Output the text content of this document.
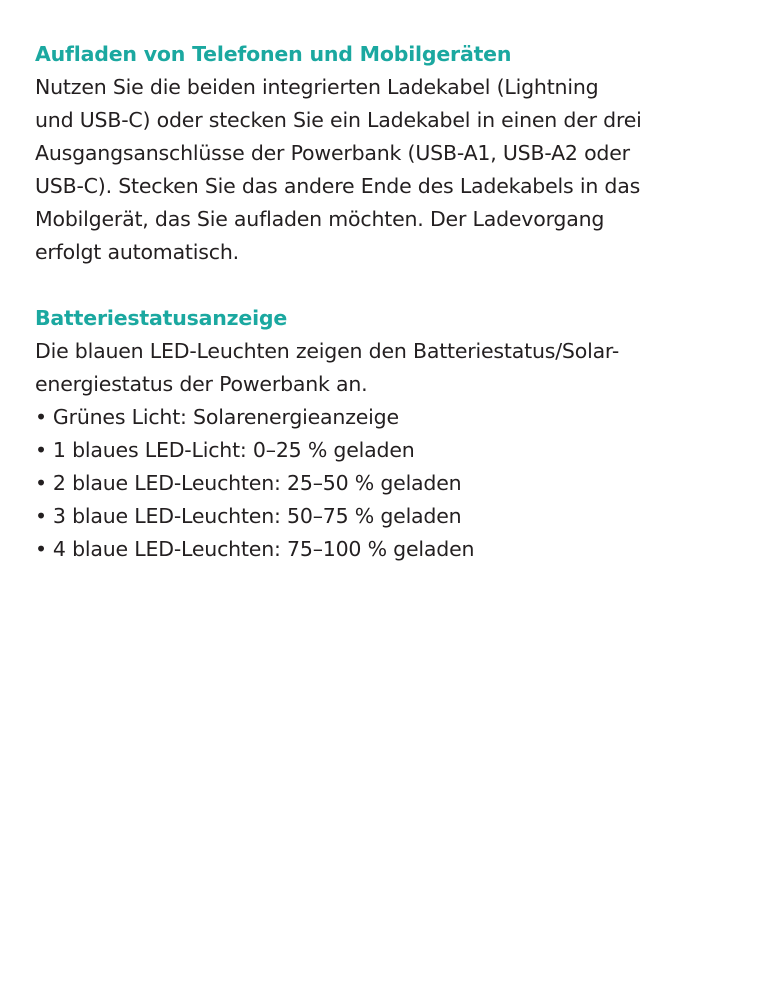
Aufladen von Telefonen und Mobilgeräten
Nutzen Sie die beiden integrierten Ladekabel (Lightning
und USB-C) oder stecken Sie ein Ladekabel in einen der drei
Ausgangsanschlüsse der Powerbank (USB-A1, USB-A2 oder
USB-C). Stecken Sie das andere Ende des Ladekabels in das
Mobilgerät, das Sie aufladen möchten. Der Ladevorgang
erfolgt automatisch.
Batteriestatusanzeige
Die blauen LED-Leuchten zeigen den Batteriestatus/Solar-
energiestatus der Powerbank an.
• Grünes Licht: Solarenergieanzeige
• 1 blaues LED-Licht: 0–25 % geladen
• 2 blaue LED-Leuchten: 25–50 % geladen
• 3 blaue LED-Leuchten: 50–75 % geladen
• 4 blaue LED-Leuchten: 75–100 % geladen
